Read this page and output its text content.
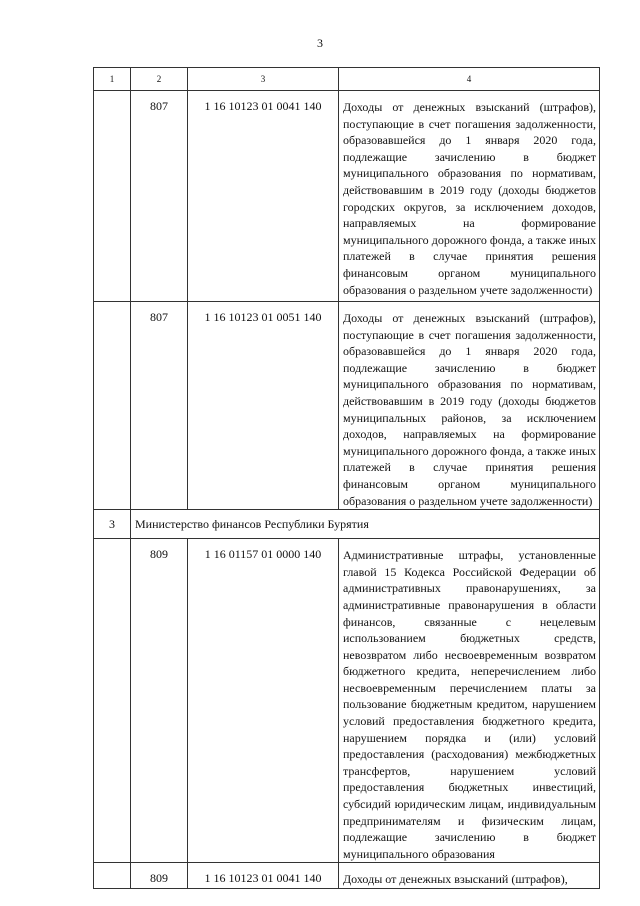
3
1	2	3	4
	807	1 16 10123 01 0041 140	Доходы от денежных взысканий (штрафов), поступающие в счет погашения задолженности, образовавшейся до 1 января 2020 года, подлежащие зачислению в бюджет муниципального образования по нормативам, действовавшим в 2019 году (доходы бюджетов городских округов, за исключением доходов, направляемых на формирование муниципального дорожного фонда, а также иных платежей в случае принятия решения финансовым органом муниципального образования о раздельном учете задолженности)
	807	1 16 10123 01 0051 140	Доходы от денежных взысканий (штрафов), поступающие в счет погашения задолженности, образовавшейся до 1 января 2020 года, подлежащие зачислению в бюджет муниципального образования по нормативам, действовавшим в 2019 году (доходы бюджетов муниципальных районов, за исключением доходов, направляемых на формирование муниципального дорожного фонда, а также иных платежей в случае принятия решения финансовым органом муниципального образования о раздельном учете задолженности)
3	Министерство финансов Республики Бурятия		
	809	1 16 01157 01 0000 140	Административные штрафы, установленные главой 15 Кодекса Российской Федерации об административных правонарушениях, за административные правонарушения в области финансов, связанные с нецелевым использованием бюджетных средств, невозвратом либо несвоевременным возвратом бюджетного кредита, неперечислением либо несвоевременным перечислением платы за пользование бюджетным кредитом, нарушением условий предоставления бюджетного кредита, нарушением порядка и (или) условий предоставления (расходования) межбюджетных трансфертов, нарушением условий предоставления бюджетных инвестиций, субсидий юридическим лицам, индивидуальным предпринимателям и физическим лицам, подлежащие зачислению в бюджет муниципального образования
	809	1 16 10123 01 0041 140	Доходы от денежных взысканий (штрафов),
